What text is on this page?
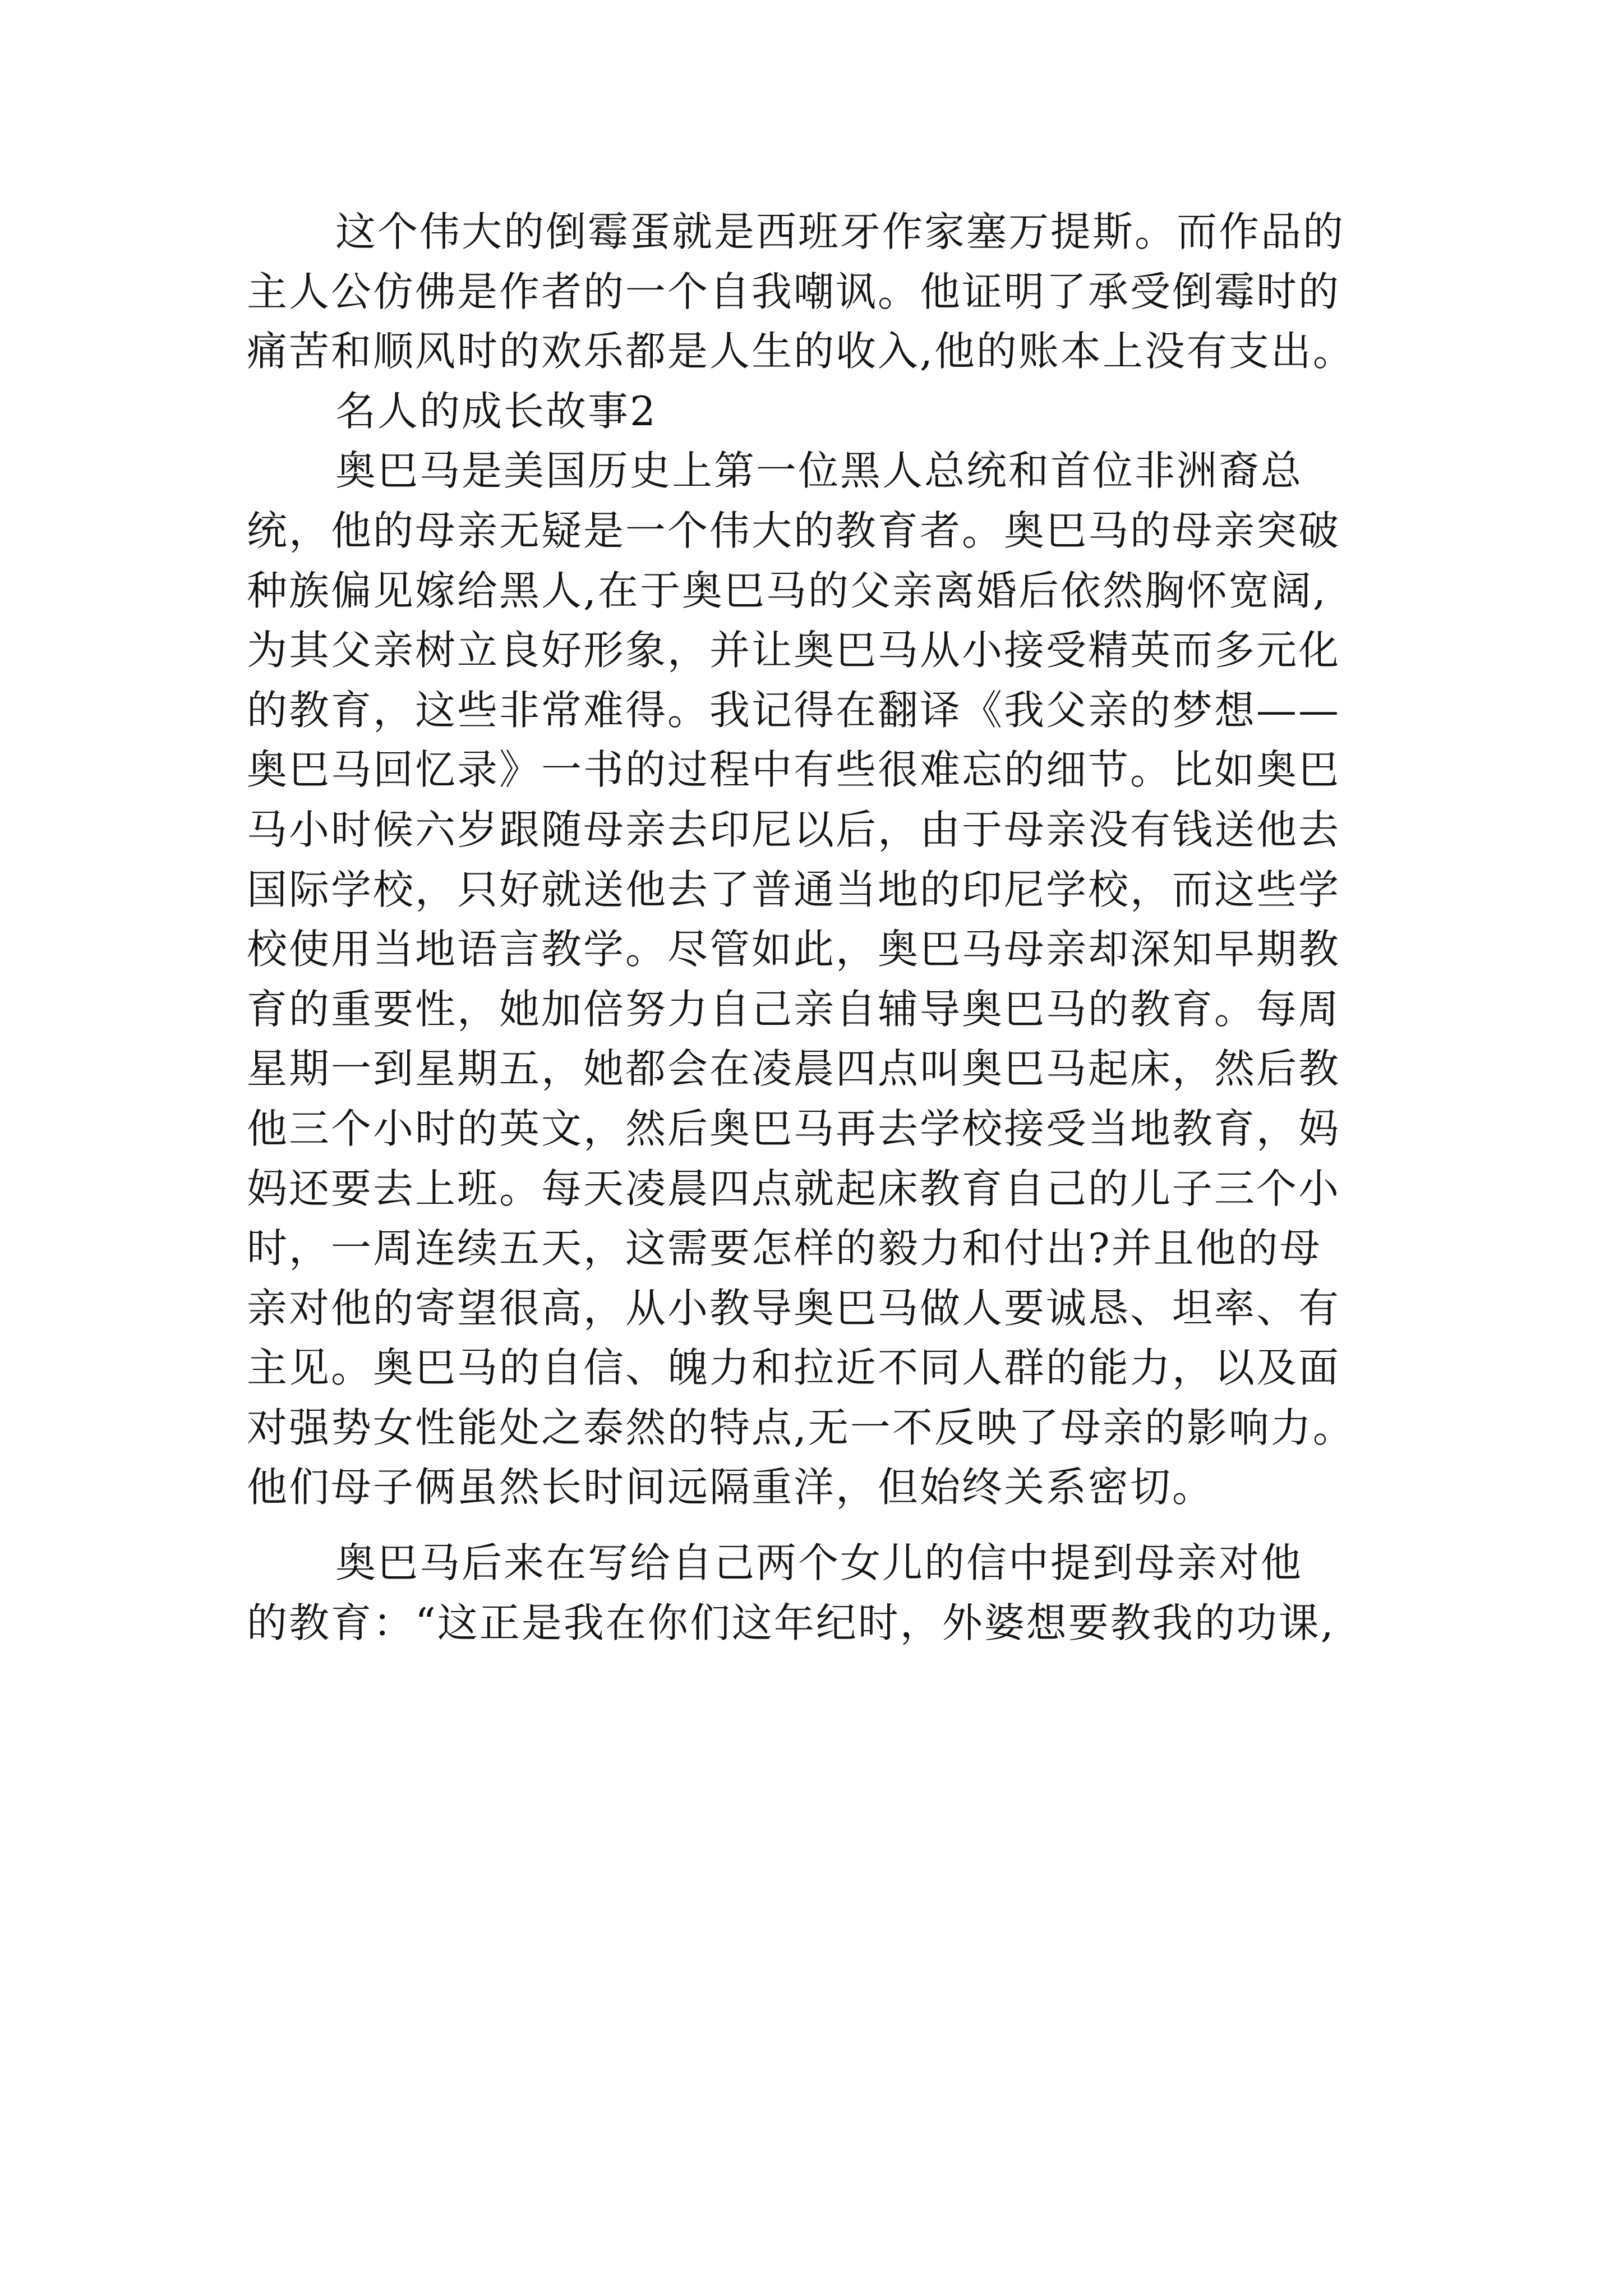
这个伟大的倒霉蛋就是西班牙作家塞万提斯。而作品的
主人公仿佛是作者的一个自我嘲讽。他证明了承受倒霉时的
痛苦和顺风时的欢乐都是人生的收入,他的账本上没有支出。
名人的成长故事2
奥巴马是美国历史上第一位黑人总统和首位非洲裔总
统，他的母亲无疑是一个伟大的教育者。奥巴马的母亲突破
种族偏见嫁给黑人,在于奥巴马的父亲离婚后依然胸怀宽阔,
为其父亲树立良好形象，并让奥巴马从小接受精英而多元化
的教育，这些非常难得。我记得在翻译《我父亲的梦想——
奥巴马回忆录》一书的过程中有些很难忘的细节。比如奥巴
马小时候六岁跟随母亲去印尼以后，由于母亲没有钱送他去
国际学校，只好就送他去了普通当地的印尼学校，而这些学
校使用当地语言教学。尽管如此，奥巴马母亲却深知早期教
育的重要性，她加倍努力自己亲自辅导奥巴马的教育。每周
星期一到星期五，她都会在凌晨四点叫奥巴马起床，然后教
他三个小时的英文，然后奥巴马再去学校接受当地教育，妈
妈还要去上班。每天凌晨四点就起床教育自己的儿子三个小
时，一周连续五天，这需要怎样的毅力和付出?并且他的母
亲对他的寄望很高，从小教导奥巴马做人要诚恳、坦率、有
主见。奥巴马的自信、魄力和拉近不同人群的能力，以及面
对强势女性能处之泰然的特点,无一不反映了母亲的影响力。
他们母子俩虽然长时间远隔重洋，但始终关系密切。
奥巴马后来在写给自己两个女儿的信中提到母亲对他
的教育：“这正是我在你们这年纪时，外婆想要教我的功课,
